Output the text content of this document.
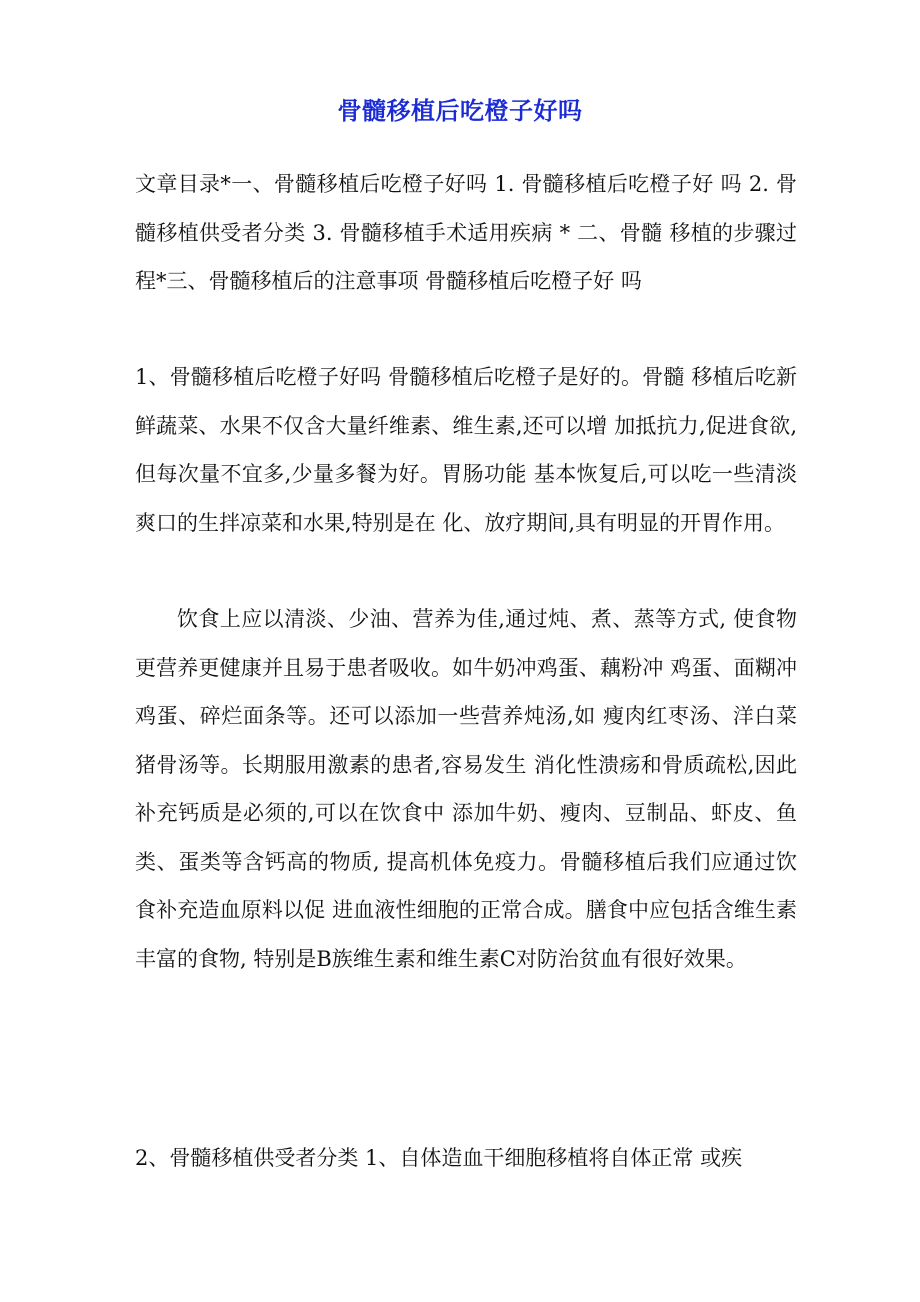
骨髓移植后吃橙子好吗

文章目录*一、骨髓移植后吃橙子好吗 1. 骨髓移植后吃橙子好 吗 2. 骨髓移植供受者分类 3. 骨髓移植手术适用疾病 * 二、骨髓 移植的步骤过程*三、骨髓移植后的注意事项 骨髓移植后吃橙子好 吗

1、骨髓移植后吃橙子好吗 骨髓移植后吃橙子是好的。骨髓 移植后吃新鲜蔬菜、水果不仅含大量纤维素、维生素,还可以增 加抵抗力,促进食欲,但每次量不宜多,少量多餐为好。胃肠功能 基本恢复后,可以吃一些清淡爽口的生拌凉菜和水果,特别是在 化、放疗期间,具有明显的开胃作用。

饮食上应以清淡、少油、营养为佳,通过炖、煮、蒸等方式, 使食物更营养更健康并且易于患者吸收。如牛奶冲鸡蛋、藕粉冲 鸡蛋、面糊冲鸡蛋、碎烂面条等。还可以添加一些营养炖汤,如 瘦肉红枣汤、洋白菜猪骨汤等。长期服用激素的患者,容易发生 消化性溃疡和骨质疏松,因此补充钙质是必须的,可以在饮食中 添加牛奶、瘦肉、豆制品、虾皮、鱼类、蛋类等含钙高的物质, 提高机体免疫力。骨髓移植后我们应通过饮食补充造血原料以促 进血液性细胞的正常合成。膳食中应包括含维生素丰富的食物, 特别是B族维生素和维生素C对防治贫血有很好效果。

2、骨髓移植供受者分类 1、自体造血干细胞移植将自体正常 或疾
